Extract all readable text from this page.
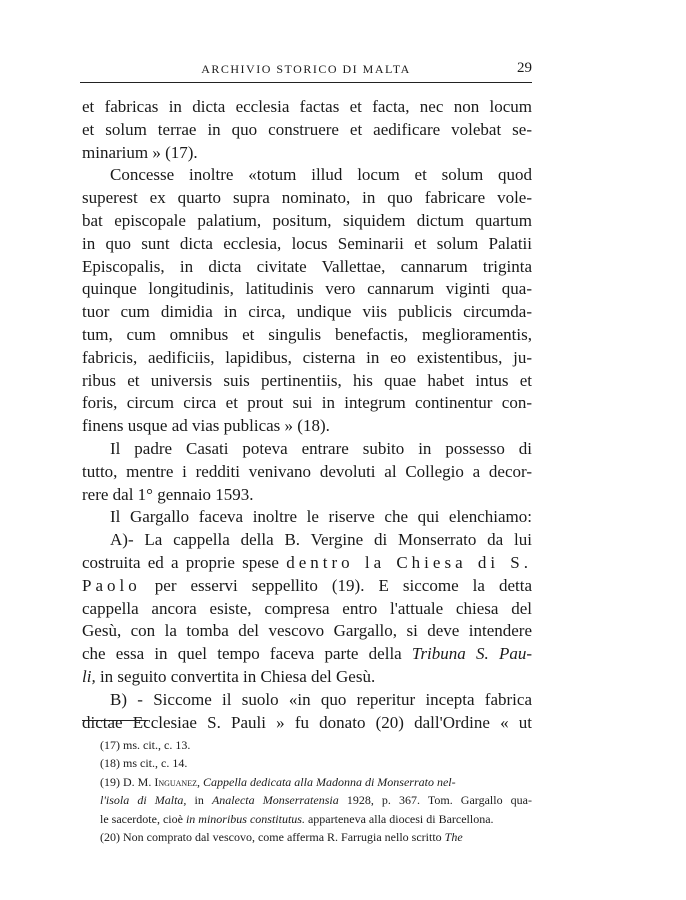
ARCHIVIO STORICO DI MALTA	29
et fabricas in dicta ecclesia factas et facta, nec non locum
et solum terrae in quo construere et aedificare volebat se-
minarium » (17).
Concesse inoltre «totum illud locum et solum quod
superest ex quarto supra nominato, in quo fabricare vole-
bat episcopale palatium, positum, siquidem dictum quartum
in quo sunt dicta ecclesia, locus Seminarii et solum Palatii
Episcopalis, in dicta civitate Vallettae, cannarum triginta
quinque longitudinis, latitudinis vero cannarum viginti qua-
tuor cum dimidia in circa, undique viis publicis circumda-
tum, cum omnibus et singulis benefactis, meglioramentis,
fabricis, aedificiis, lapidibus, cisterna in eo existentibus, ju-
ribus et universis suis pertinentiis, his quae habet intus et
foris, circum circa et prout sui in integrum continentur con-
finens usque ad vias publicas » (18).
Il padre Casati poteva entrare subito in possesso di
tutto, mentre i redditi venivano devoluti al Collegio a decor-
rere dal 1° gennaio 1593.
Il Gargallo faceva inoltre le riserve che qui elenchiamo:
A)- La cappella della B. Vergine di Monserrato da lui
costruita ed a proprie spese dentro la Chiesa di S.
Paolo per esservi seppellito (19). E siccome la detta
cappella ancora esiste, compresa entro l'attuale chiesa del
Gesù, con la tomba del vescovo Gargallo, si deve intendere
che essa in quel tempo faceva parte della Tribuna S. Pau-
li, in seguito convertita in Chiesa del Gesù.
B) - Siccome il suolo «in quo reperitur incepta fabrica
dictae Ecclesiae S. Pauli » fu donato (20) dall'Ordine « ut
(17) ms. cit., c. 13.
(18) ms cit., c. 14.
(19) D. M. Inguanez, Cappella dedicata alla Madonna di Monserrato nel-
l'isola di Malta, in Analecta Monserratensia 1928, p. 367. Tom. Gargallo qua-
le sacerdote, cioè in minoribus constitutus. apparteneva alla diocesi di Barcellona.
(20) Non comprato dal vescovo, come afferma R. Farrugia nello scritto The
